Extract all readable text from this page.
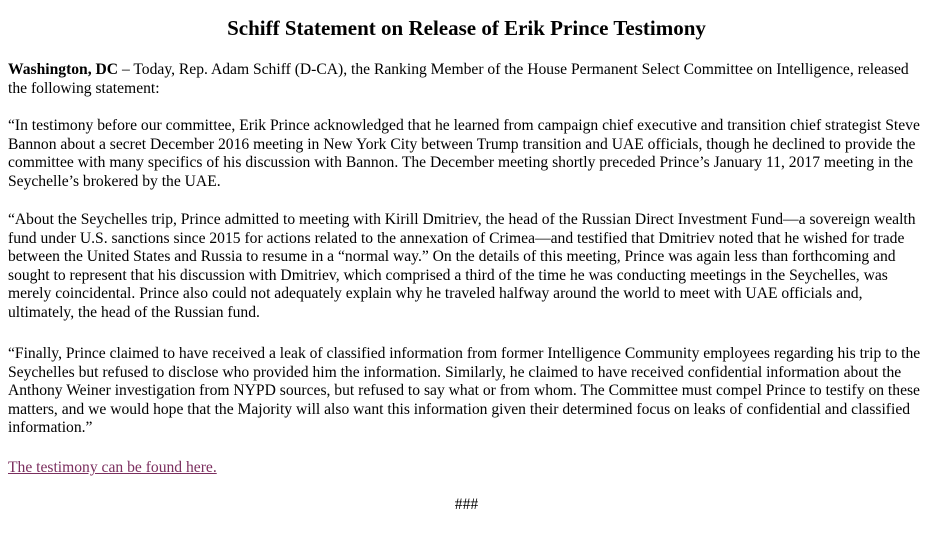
Schiff Statement on Release of Erik Prince Testimony

Washington, DC – Today, Rep. Adam Schiff (D-CA), the Ranking Member of the House Permanent Select Committee on Intelligence, released the following statement:

“In testimony before our committee, Erik Prince acknowledged that he learned from campaign chief executive and transition chief strategist Steve Bannon about a secret December 2016 meeting in New York City between Trump transition and UAE officials, though he declined to provide the committee with many specifics of his discussion with Bannon. The December meeting shortly preceded Prince’s January 11, 2017 meeting in the Seychelle’s brokered by the UAE.

“About the Seychelles trip, Prince admitted to meeting with Kirill Dmitriev, the head of the Russian Direct Investment Fund—a sovereign wealth fund under U.S. sanctions since 2015 for actions related to the annexation of Crimea—and testified that Dmitriev noted that he wished for trade between the United States and Russia to resume in a “normal way.” On the details of this meeting, Prince was again less than forthcoming and sought to represent that his discussion with Dmitriev, which comprised a third of the time he was conducting meetings in the Seychelles, was merely coincidental. Prince also could not adequately explain why he traveled halfway around the world to meet with UAE officials and, ultimately, the head of the Russian fund.

“Finally, Prince claimed to have received a leak of classified information from former Intelligence Community employees regarding his trip to the Seychelles but refused to disclose who provided him the information. Similarly, he claimed to have received confidential information about the Anthony Weiner investigation from NYPD sources, but refused to say what or from whom. The Committee must compel Prince to testify on these matters, and we would hope that the Majority will also want this information given their determined focus on leaks of confidential and classified information.”

The testimony can be found here.

###
